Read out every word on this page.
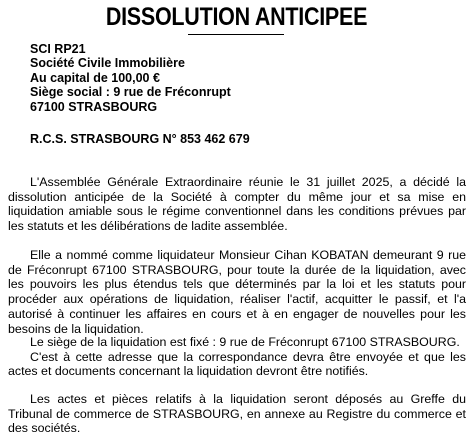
DISSOLUTION ANTICIPEE
SCI RP21
Société Civile Immobilière
Au capital de 100,00 €
Siège social : 9 rue de Fréconrupt
67100 STRASBOURG
R.C.S. STRASBOURG N° 853 462 679

L'Assemblée Générale Extraordinaire réunie le 31 juillet 2025, a décidé la dissolution anticipée de la Société à compter du même jour et sa mise en liquidation amiable sous le régime conventionnel dans les conditions prévues par les statuts et les délibérations de ladite assemblée.

Elle a nommé comme liquidateur Monsieur Cihan KOBATAN demeurant 9 rue de Fréconrupt 67100 STRASBOURG, pour toute la durée de la liquidation, avec les pouvoirs les plus étendus tels que déterminés par la loi et les statuts pour procéder aux opérations de liquidation, réaliser l'actif, acquitter le passif, et l'a autorisé à continuer les affaires en cours et à en engager de nouvelles pour les besoins de la liquidation.

Le siège de la liquidation est fixé : 9 rue de Fréconrupt 67100 STRASBOURG.

C'est à cette adresse que la correspondance devra être envoyée et que les actes et documents concernant la liquidation devront être notifiés.

Les actes et pièces relatifs à la liquidation seront déposés au Greffe du Tribunal de commerce de STRASBOURG, en annexe au Registre du commerce et des sociétés.
